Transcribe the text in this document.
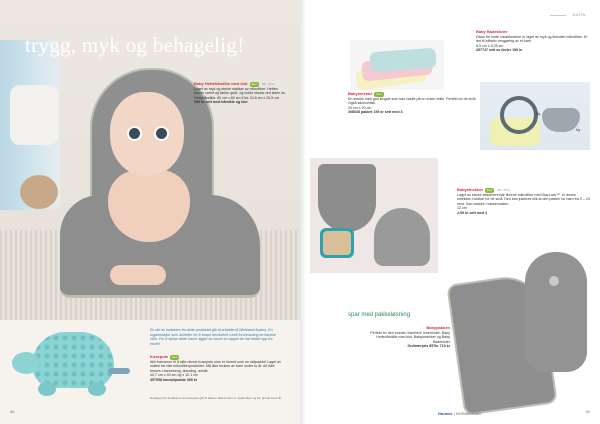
trygg, myk og behagelig!
Baby Hettehåndkle med klut Eco BM: 3514
Laget av myk og sterke stakkar av mikrofiber. Hetten holder varmt og tørker godt, og holde ekstra ved siden av.
Hettehåndkle: 80 cm x 80 cm Klut: 24,5 cm x 25,5 cm
399 kr sett med håndkle og klut

En del av inntekten fra dette produktet går til arbeidet til Weeband Asbery. En organisasjon som arbeider for å skape bevissthet rundt forurensning av havene våre. For å hjelpe dette havet, ligger du havet se sappet de har bedre opp fra havet!

Kosepute Eco
Alle barnemor til å sitte denne kosepute som er formet som en skilpadde! Laget av materi fra vårt mikrofiberprodukter. Må ikke brukes av barn under to år. Alt ikke brukes i barneseng, blanding, ansikt.
40,7 cm x 40 cm og x 10,1 cm
357558 havskilpadde 399 kr

Donasjon fra inntektene av kosepute går til Havet i tidsrammen 1. september og 31. januar hvert år.

40

BARN

Baby Badekluter
Disse tre korte vaskeklutene er laget av myk og fleksibel mikrofiber. Er det til effektiv rengjøring av et barn.
8,5 cm x 8,25 cm
357747 sett av kluter 199 kr
Babysmekke Eco
En smekk med god lengde som kan vaske på en enkel måte. Perfekt for de små. Også økonomisk.
20 cm x 20 cm
308038 pakket 159 kr sett med 3	Ny

Ny

Babysmekker Eco BM: 2512
Laget av sterke absorberende fibrene mikrofiber med BacLock™, er denne smekken holdbar for de små. Den kan justeres slik at den passer for barn fra 0 – 24 mnd. Kan vaskes i vaskemaskin.
12 cm
2,99 kr sett med 3

spar med pakkeløsning

Babypakken
Perfekt for den eneste i familien! Inneholder: Baby Hettehåndkle med klut, Babysmekker og Baby Badekluter
Ordinærpris 857kr 719 kr

Norwex | NORWEX.NO	41
